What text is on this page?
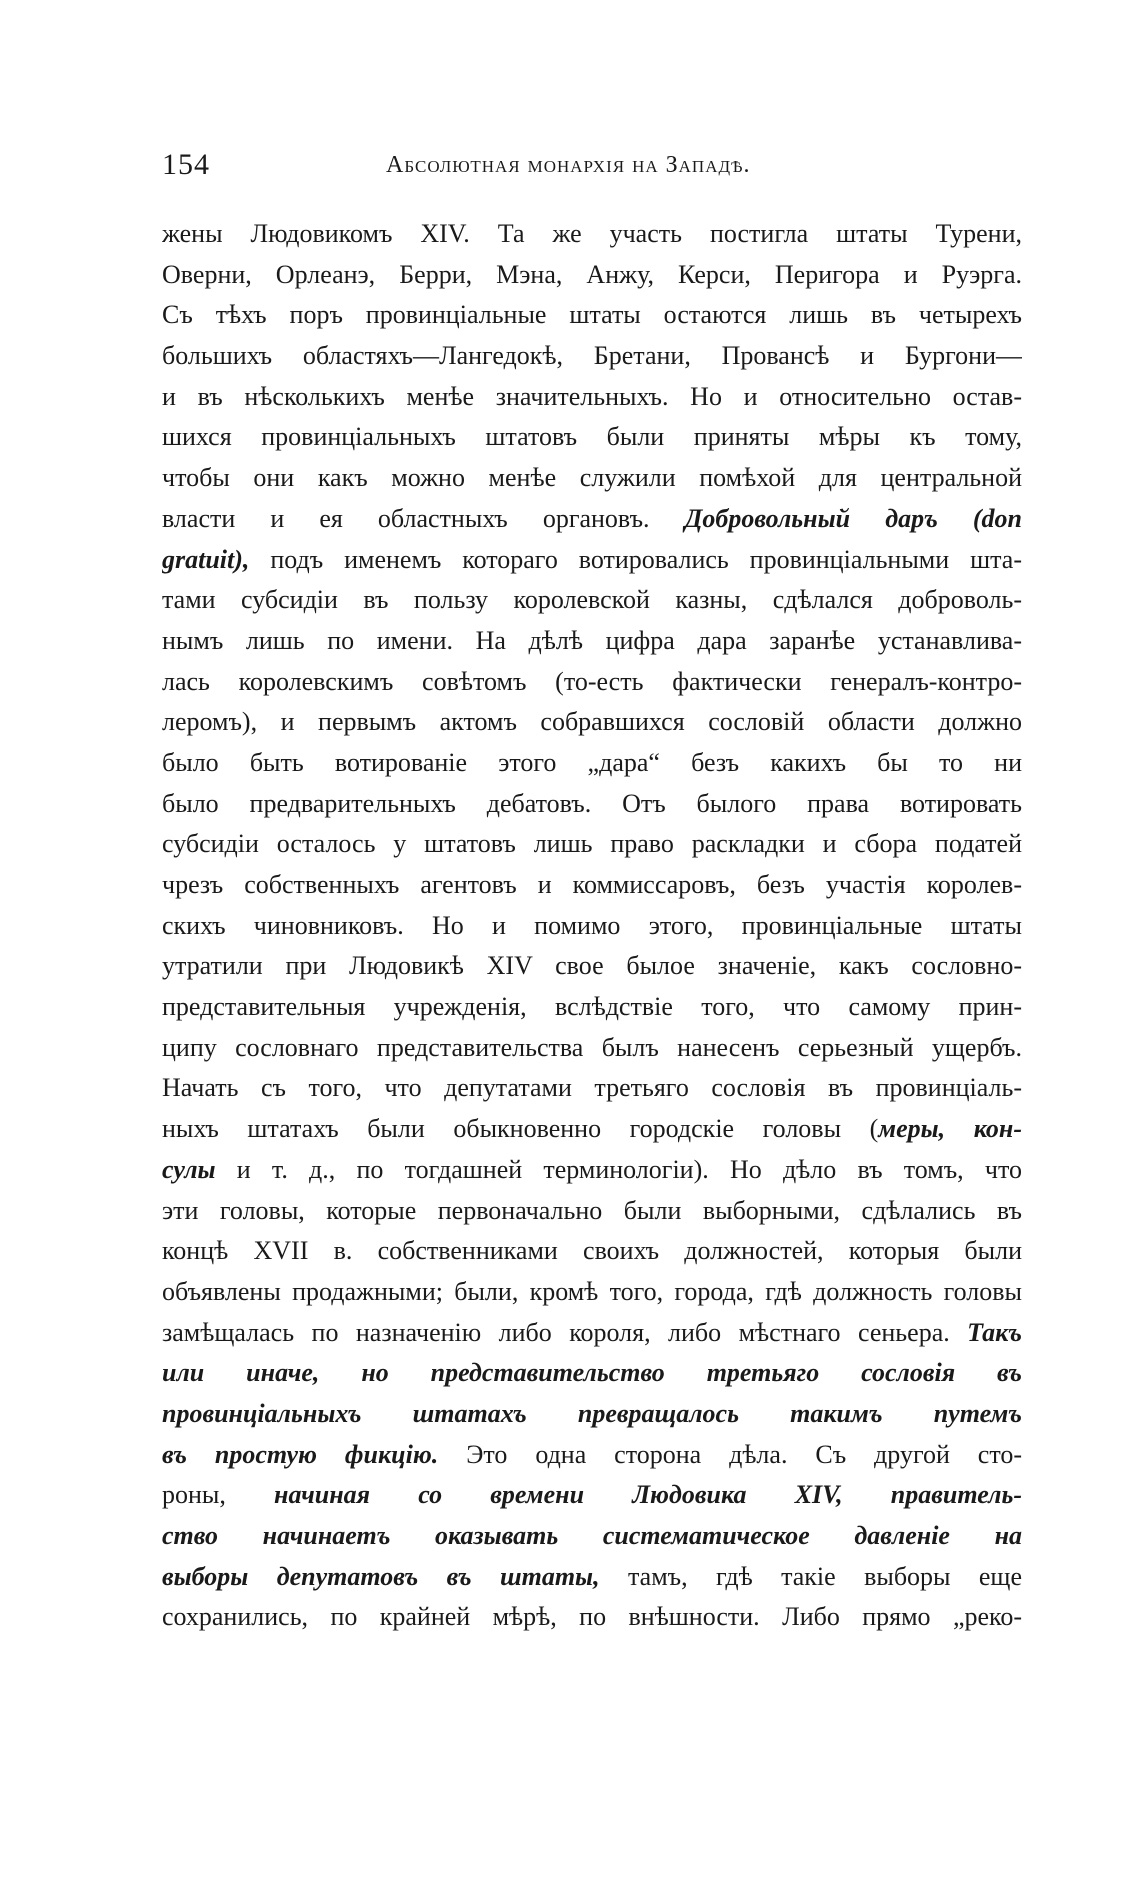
154	Абсолютная монархія на Западѣ.
жены Людовикомъ XIV. Та же участь постигла штаты Турени,
Оверни, Орлеанэ, Берри, Мэна, Анжу, Керси, Перигора и Руэрга.
Съ тѣхъ поръ провинціальные штаты остаются лишь въ четырехъ
большихъ областяхъ—Лангедокѣ, Бретани, Провансѣ и Бургони—
и въ нѣсколькихъ менѣе значительныхъ. Но и относительно остав-
шихся провинціальныхъ штатовъ были приняты мѣры къ тому,
чтобы они какъ можно менѣе служили помѣхой для центральной
власти и ея областныхъ органовъ. Добровольный даръ (don
gratuit), подъ именемъ котораго вотировались провинціальными шта-
тами субсидіи въ пользу королевской казны, сдѣлался доброволь-
нымъ лишь по имени. На дѣлѣ цифра дара заранѣе устанавлива-
лась королевскимъ совѣтомъ (то-есть фактически генералъ-контро-
леромъ), и первымъ актомъ собравшихся сословій области должно
было быть вотированіе этого „дара“ безъ какихъ бы то ни
было предварительныхъ дебатовъ. Отъ былого права вотировать
субсидіи осталось у штатовъ лишь право раскладки и сбора податей
чрезъ собственныхъ агентовъ и коммиссаровъ, безъ участія королев-
скихъ чиновниковъ. Но и помимо этого, провинціальные штаты
утратили при Людовикѣ XIV свое былое значеніе, какъ сословно-
представительныя учрежденія, вслѣдствіе того, что самому прин-
ципу сословнаго представительства былъ нанесенъ серьезный ущербъ.
Начать съ того, что депутатами третьяго сословія въ провинціаль-
ныхъ штатахъ были обыкновенно городскіе головы (меры, кон-
сулы и т. д., по тогдашней терминологіи). Но дѣло въ томъ, что
эти головы, которые первоначально были выборными, сдѣлались въ
концѣ XVII в. собственниками своихъ должностей, которыя были
объявлены продажными; были, кромѣ того, города, гдѣ должность головы
замѣщалась по назначенію либо короля, либо мѣстнаго сеньера. Такъ
или иначе, но представительство третьяго сословія въ
провинціальныхъ штатахъ превращалось такимъ путемъ
въ простую фикцію. Это одна сторона дѣла. Съ другой сто-
роны, начиная со времени Людовика XIV, правитель-
ство начинаетъ оказывать систематическое давленіе на
выборы депутатовъ въ штаты, тамъ, гдѣ такіе выборы еще
сохранились, по крайней мѣрѣ, по внѣшности. Либо прямо „реко-
